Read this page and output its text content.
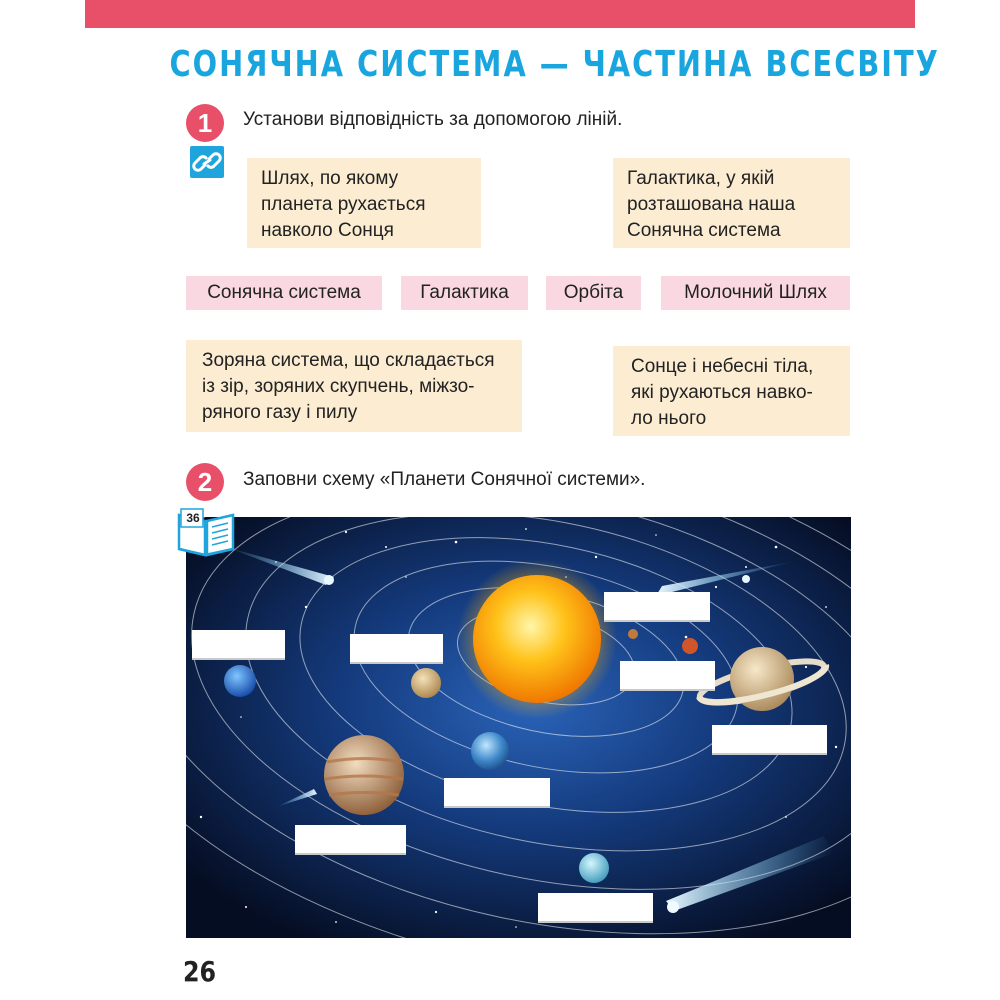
СОНЯЧНА СИСТЕМА — ЧАСТИНА ВСЕСВІТУ
1	Установи відповідність за допомогою ліній.
Шлях, по якому
планета рухається
навколо Сонця
Галактика, у якій
розташована наша
Сонячна система
Сонячна система	Галактика	Орбіта	Молочний Шлях
Зоряна система, що складається
із зір, зоряних скупчень, міжзо-
ряного газу і пилу
Сонце і небесні тіла,
які рухаються навко-
ло нього
2	Заповни схему «Планети Сонячної системи».
36
26
